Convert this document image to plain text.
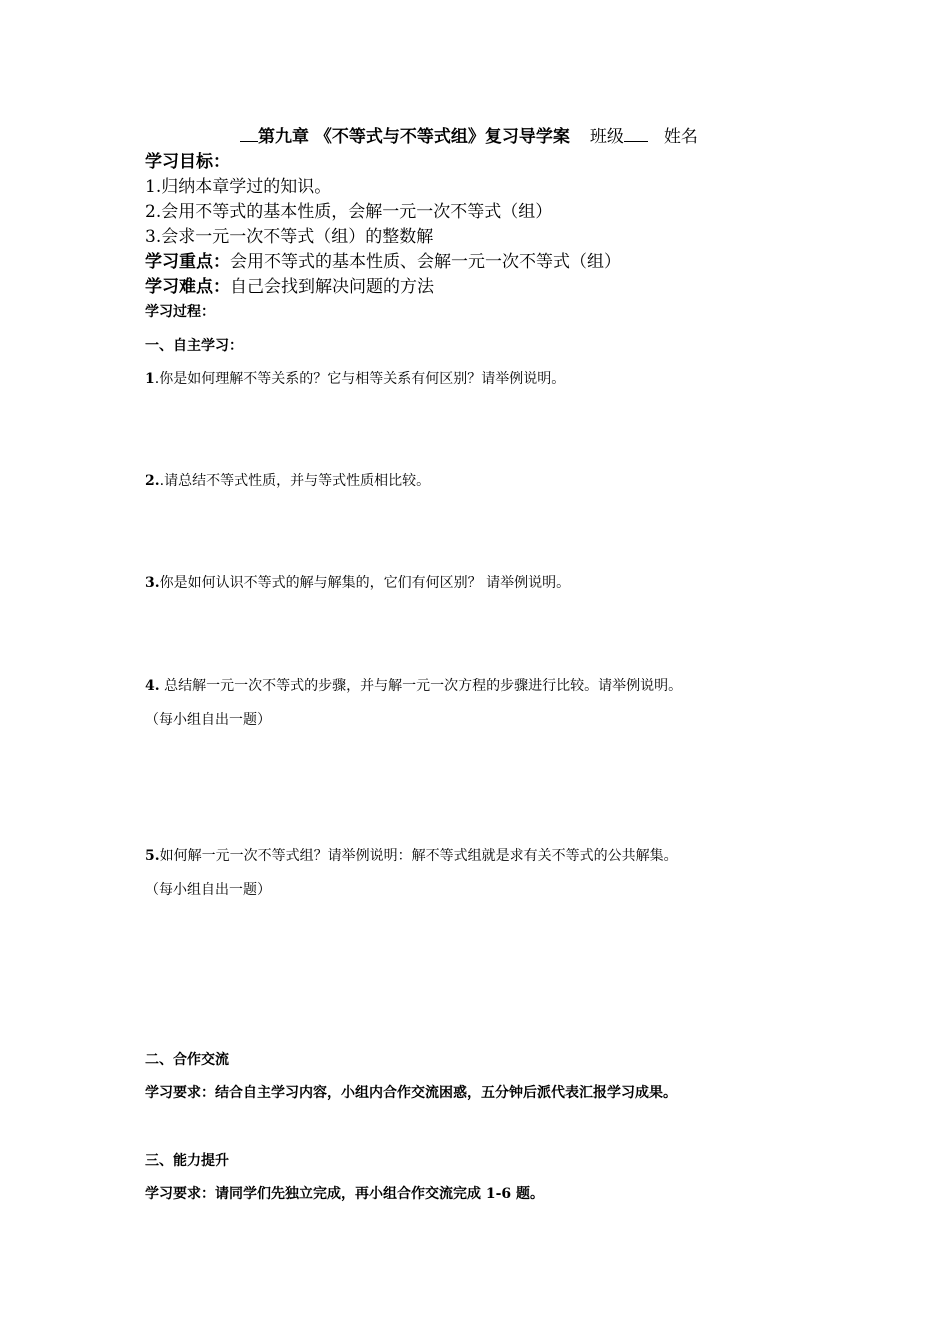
第九章 《不等式与不等式组》复习导学案 班级 姓名
学习目标：
1.归纳本章学过的知识。
2.会用不等式的基本性质，会解一元一次不等式（组）
3.会求一元一次不等式（组）的整数解
学习重点：会用不等式的基本性质、会解一元一次不等式（组）
学习难点：自己会找到解决问题的方法
学习过程：
一、自主学习：
1.你是如何理解不等关系的？它与相等关系有何区别？请举例说明。
2..请总结不等式性质，并与等式性质相比较。
3.你是如何认识不等式的解与解集的，它们有何区别？ 请举例说明。
4. 总结解一元一次不等式的步骤，并与解一元一次方程的步骤进行比较。请举例说明。
（每小组自出一题）
5.如何解一元一次不等式组？请举例说明：解不等式组就是求有关不等式的公共解集。
（每小组自出一题）
二、合作交流
学习要求：结合自主学习内容，小组内合作交流困惑，五分钟后派代表汇报学习成果。
三、能力提升
学习要求：请同学们先独立完成，再小组合作交流完成 1-6 题。
